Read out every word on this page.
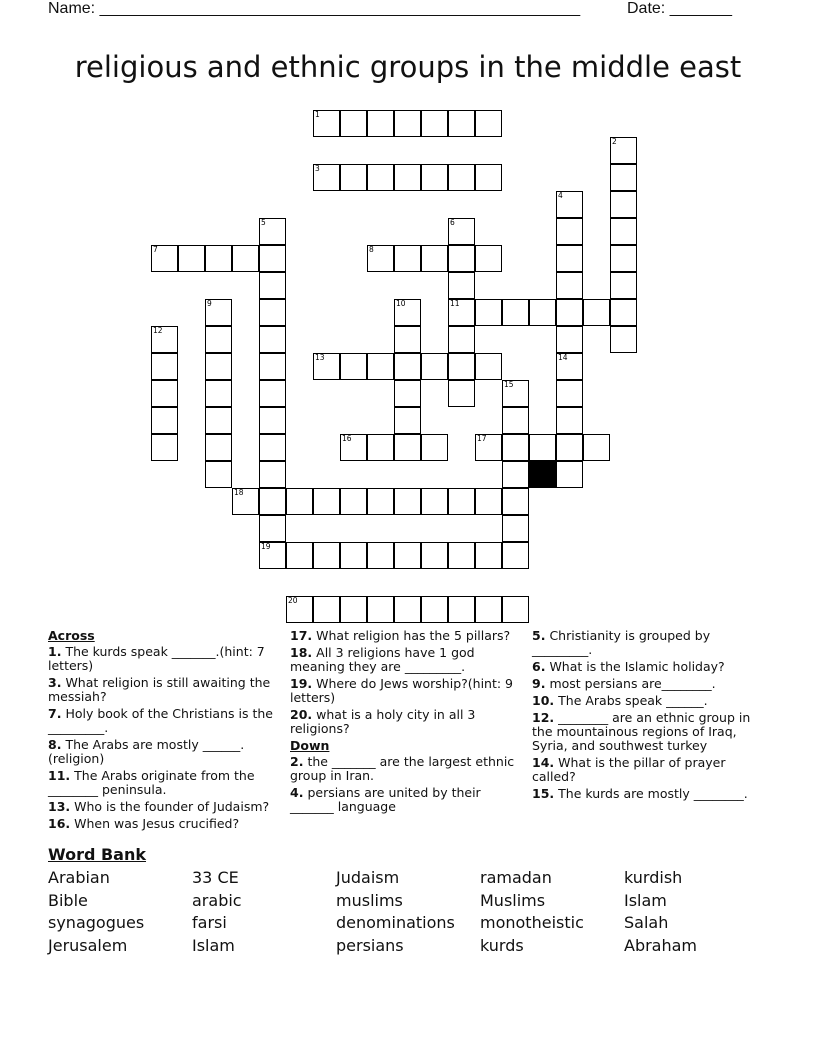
Name: ______________________________________________________	Date: _______
religious and ethnic groups in the middle east
1
2
3
4
5
19
6
11
7	8
9	10
12
13	14
15
16	17
18
20
Across
1. The kurds speak _______.(hint: 7 letters)
3. What religion is still awaiting the messiah?
7. Holy book of the Christians is the _________.
8. The Arabs are mostly ______. (religion)
11. The Arabs originate from the ________ peninsula.
13. Who is the founder of Judaism?
16. When was Jesus crucified?
17. What religion has the 5 pillars?
18. All 3 religions have 1 god meaning they are _________.
19. Where do Jews worship?(hint: 9 letters)
20. what is a holy city in all 3 religions?
Down
2. the _______ are the largest ethnic group in Iran.
4. persians are united by their _______ language
5. Christianity is grouped by _________.
6. What is the Islamic holiday?
9. most persians are________.
10. The Arabs speak ______.
12. ________ are an ethnic group in the mountainous regions of Iraq, Syria, and southwest turkey
14. What is the pillar of prayer called?
15. The kurds are mostly ________.
Word Bank
Arabian	33 CE	Judaism	ramadan	kurdish
Bible	arabic	muslims	Muslims	Islam
synagogues	farsi	denominations	monotheistic	Salah
Jerusalem	Islam	persians	kurds	Abraham
